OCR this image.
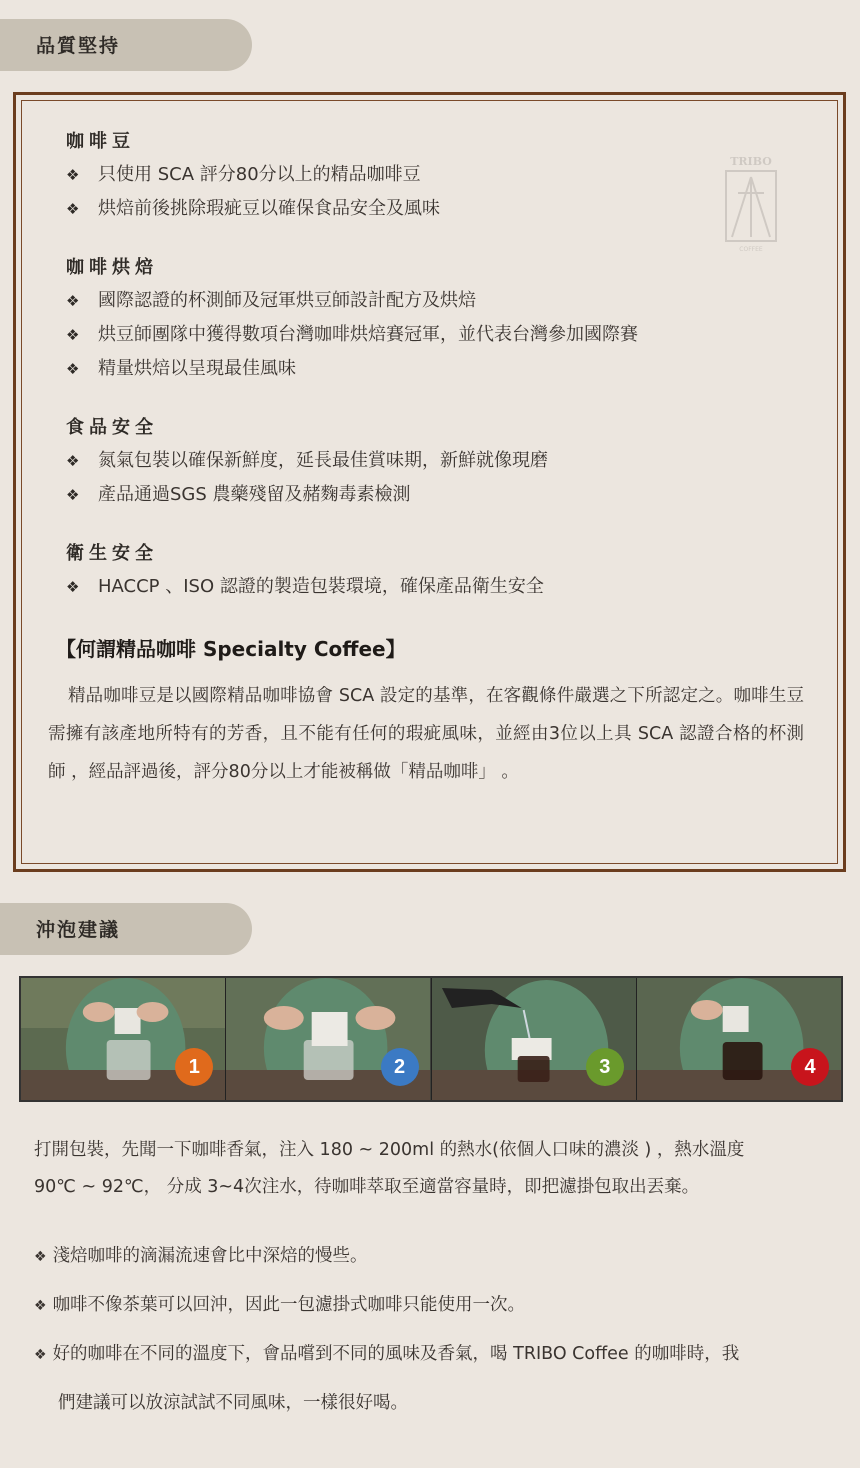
品質堅持
TRIBO
COFFEE
咖啡豆
❖ 只使用 SCA 評分80分以上的精品咖啡豆
❖ 烘焙前後挑除瑕疵豆以確保食品安全及風味
咖啡烘焙
❖ 國際認證的杯測師及冠軍烘豆師設計配方及烘焙
❖ 烘豆師團隊中獲得數項台灣咖啡烘焙賽冠軍，並代表台灣參加國際賽
❖ 精量烘焙以呈現最佳風味
食品安全
❖ 氮氣包裝以確保新鮮度，延長最佳賞味期，新鮮就像現磨
❖ 產品通過SGS 農藥殘留及赭麴毒素檢測
衛生安全
❖ HACCP 、ISO 認證的製造包裝環境，確保產品衛生安全
【何謂精品咖啡 Specialty Coffee】
精品咖啡豆是以國際精品咖啡協會 SCA 設定的基準，在客觀條件嚴選之下所認定之。咖啡生豆需擁有該產地所特有的芳香，且不能有任何的瑕疵風味，並經由3位以上具 SCA 認證合格的杯測師 ，經品評過後，評分80分以上才能被稱做「精品咖啡」 。
沖泡建議
1	2	3	4
打開包裝，先聞一下咖啡香氣，注入 180 ~ 200ml 的熱水(依個人口味的濃淡 ) ，熱水溫度
90℃ ~ 92℃， 分成 3~4次注水，待咖啡萃取至適當容量時，即把濾掛包取出丟棄。
❖ 淺焙咖啡的滴漏流速會比中深焙的慢些。
❖ 咖啡不像茶葉可以回沖，因此一包濾掛式咖啡只能使用一次。
❖ 好的咖啡在不同的溫度下，會品嚐到不同的風味及香氣，喝 TRIBO Coffee 的咖啡時，我
們建議可以放涼試試不同風味，一樣很好喝。
